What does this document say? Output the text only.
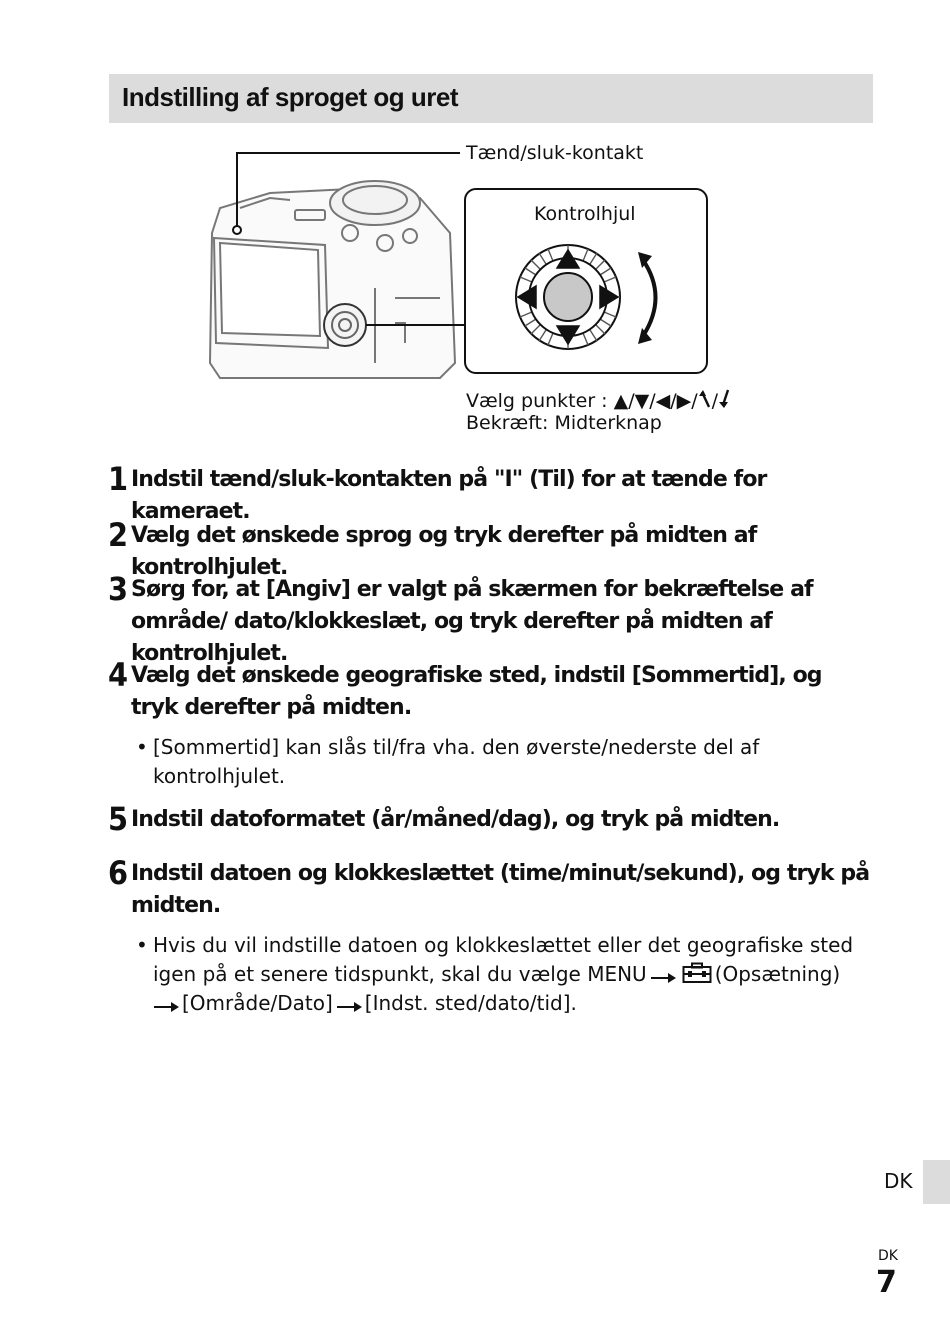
Indstilling af sproget og uret
Tænd/sluk-kontakt
Kontrolhjul
Vælg punkter : ▲/▼/◀/▶/ /
Bekræft: Midterknap
1 Indstil tænd/sluk-kontakten på "I" (Til) for at tænde for kameraet.
2 Vælg det ønskede sprog og tryk derefter på midten af kontrolhjulet.
3 Sørg for, at [Angiv] er valgt på skærmen for bekræftelse af område/ dato/klokkeslæt, og tryk derefter på midten af kontrolhjulet.
4 Vælg det ønskede geografiske sted, indstil [Sommertid], og tryk derefter på midten.
• [Sommertid] kan slås til/fra vha. den øverste/nederste del af kontrolhjulet.
5 Indstil datoformatet (år/måned/dag), og tryk på midten.
6 Indstil datoen og klokkeslættet (time/minut/sekund), og tryk på midten.
• Hvis du vil indstille datoen og klokkeslættet eller det geografiske sted igen på et senere tidspunkt, skal du vælge MENU	(Opsætning)
[Område/Dato] [Indst. sted/dato/tid].
DK
DK
7
